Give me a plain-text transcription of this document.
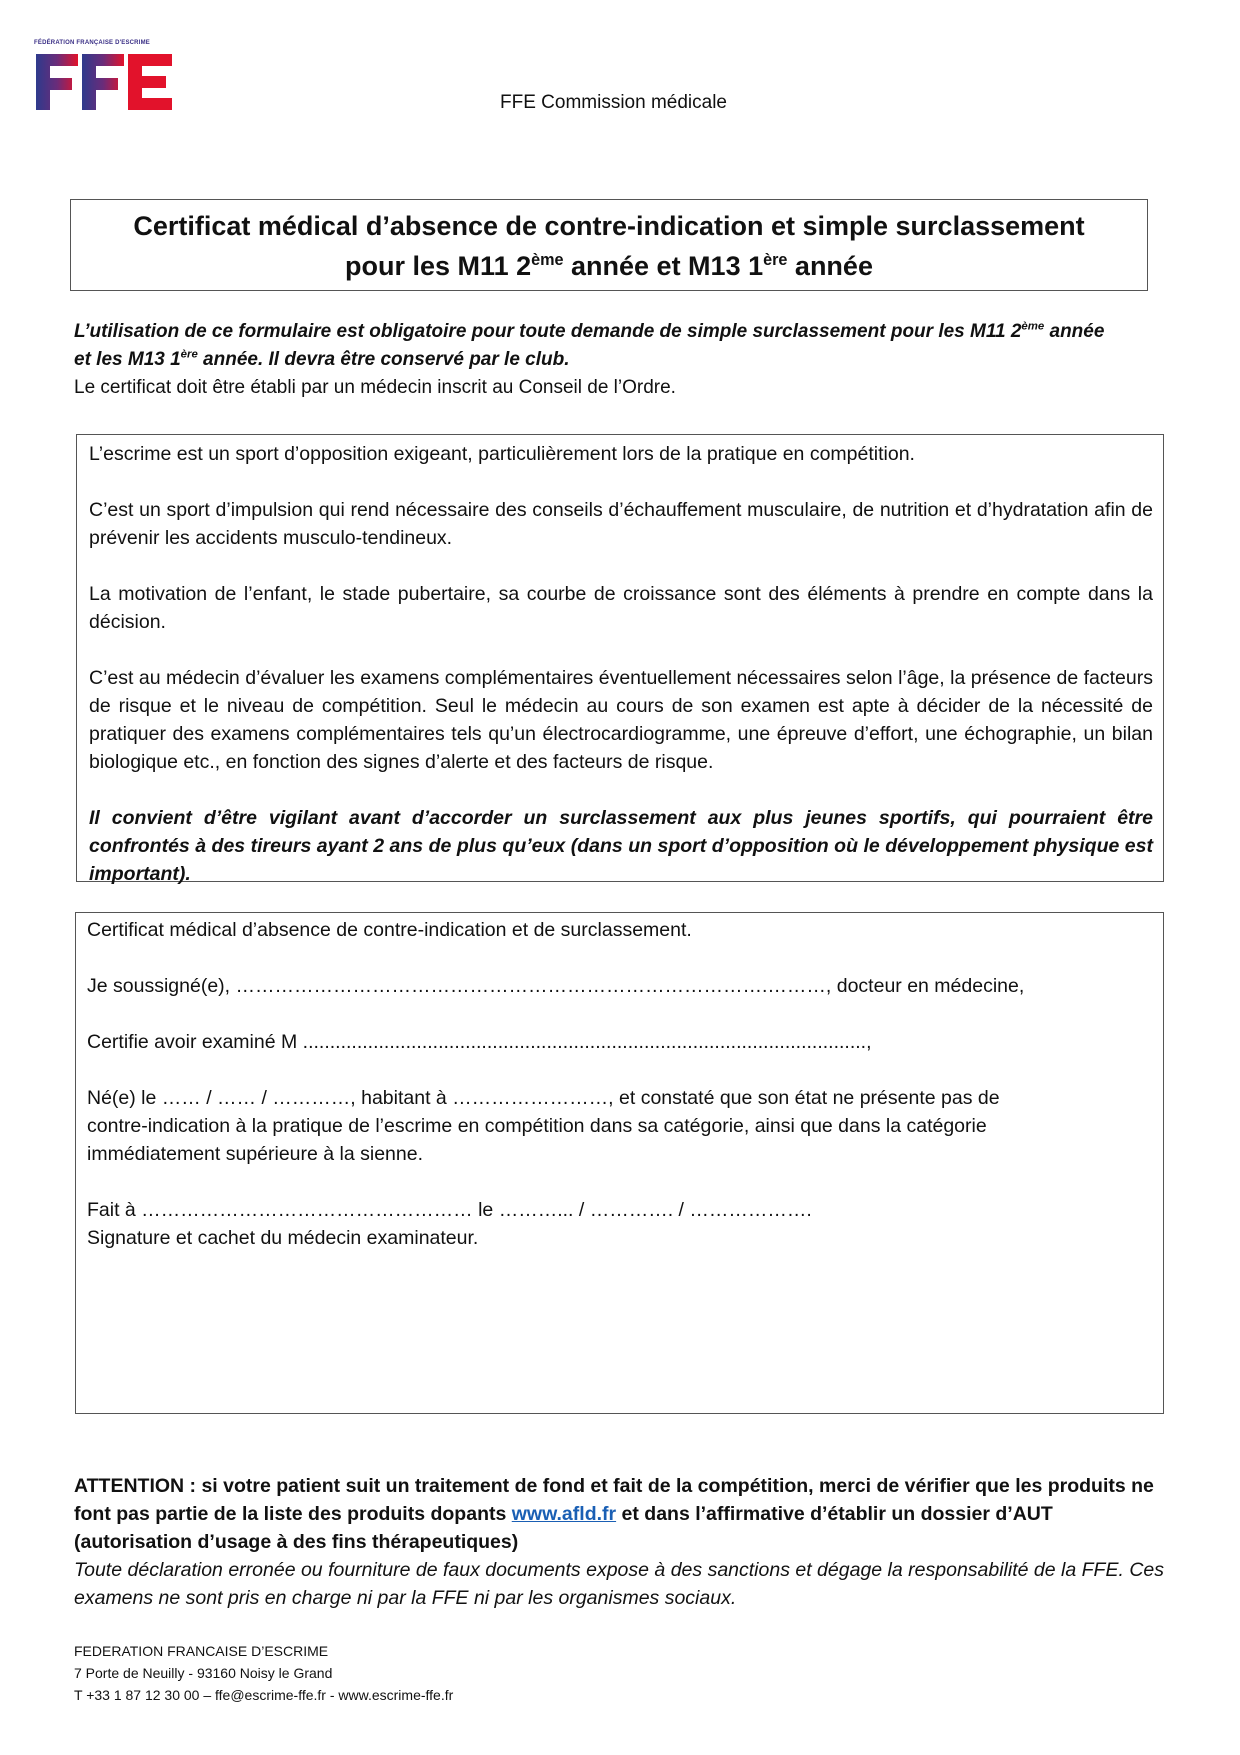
FÉDÉRATION FRANÇAISE D'ESCRIME
FFE Commission médicale
Certificat médical d’absence de contre-indication et simple surclassement
pour les M11 2ème année et M13 1ère année
L’utilisation de ce formulaire est obligatoire pour toute demande de simple surclassement pour les M11 2ème année
et les M13 1ère année. Il devra être conservé par le club.
Le certificat doit être établi par un médecin inscrit au Conseil de l’Ordre.

L’escrime est un sport d’opposition exigeant, particulièrement lors de la pratique en compétition.

C’est un sport d’impulsion qui rend nécessaire des conseils d’échauffement musculaire, de nutrition et d’hydratation afin de prévenir les accidents musculo-tendineux.

La motivation de l’enfant, le stade pubertaire, sa courbe de croissance sont des éléments à prendre en compte dans la décision.

C’est au médecin d’évaluer les examens complémentaires éventuellement nécessaires selon l’âge, la présence de facteurs de risque et le niveau de compétition. Seul le médecin au cours de son examen est apte à décider de la nécessité de pratiquer des examens complémentaires tels qu’un électrocardiogramme, une épreuve d’effort, une échographie, un bilan biologique etc., en fonction des signes d’alerte et des facteurs de risque.

Il convient d’être vigilant avant d’accorder un surclassement aux plus jeunes sportifs, qui pourraient être confrontés à des tireurs ayant 2 ans de plus qu’eux (dans un sport d’opposition où le développement physique est important).

Certificat médical d’absence de contre-indication et de surclassement.

Je soussigné(e), ……………………………………………………………………….………, docteur en médecine,

Certifie avoir examiné M ........................................................................................................,

Né(e) le …… / …… / …………, habitant à ……………………, et constaté que son état ne présente pas de

contre-indication à la pratique de l’escrime en compétition dans sa catégorie, ainsi que dans la catégorie

immédiatement supérieure à la sienne.

Fait à …………………………………………… le ………... / …………. / ……………….

Signature et cachet du médecin examinateur.

ATTENTION : si votre patient suit un traitement de fond et fait de la compétition, merci de vérifier que les produits ne font pas partie de la liste des produits dopants www.afld.fr et dans l’affirmative d’établir un dossier d’AUT (autorisation d’usage à des fins thérapeutiques)
Toute déclaration erronée ou fourniture de faux documents expose à des sanctions et dégage la responsabilité de la FFE. Ces examens ne sont pris en charge ni par la FFE ni par les organismes sociaux.
FEDERATION FRANCAISE D’ESCRIME
7 Porte de Neuilly - 93160 Noisy le Grand
T +33 1 87 12 30 00 – ffe@escrime-ffe.fr - www.escrime-ffe.fr
